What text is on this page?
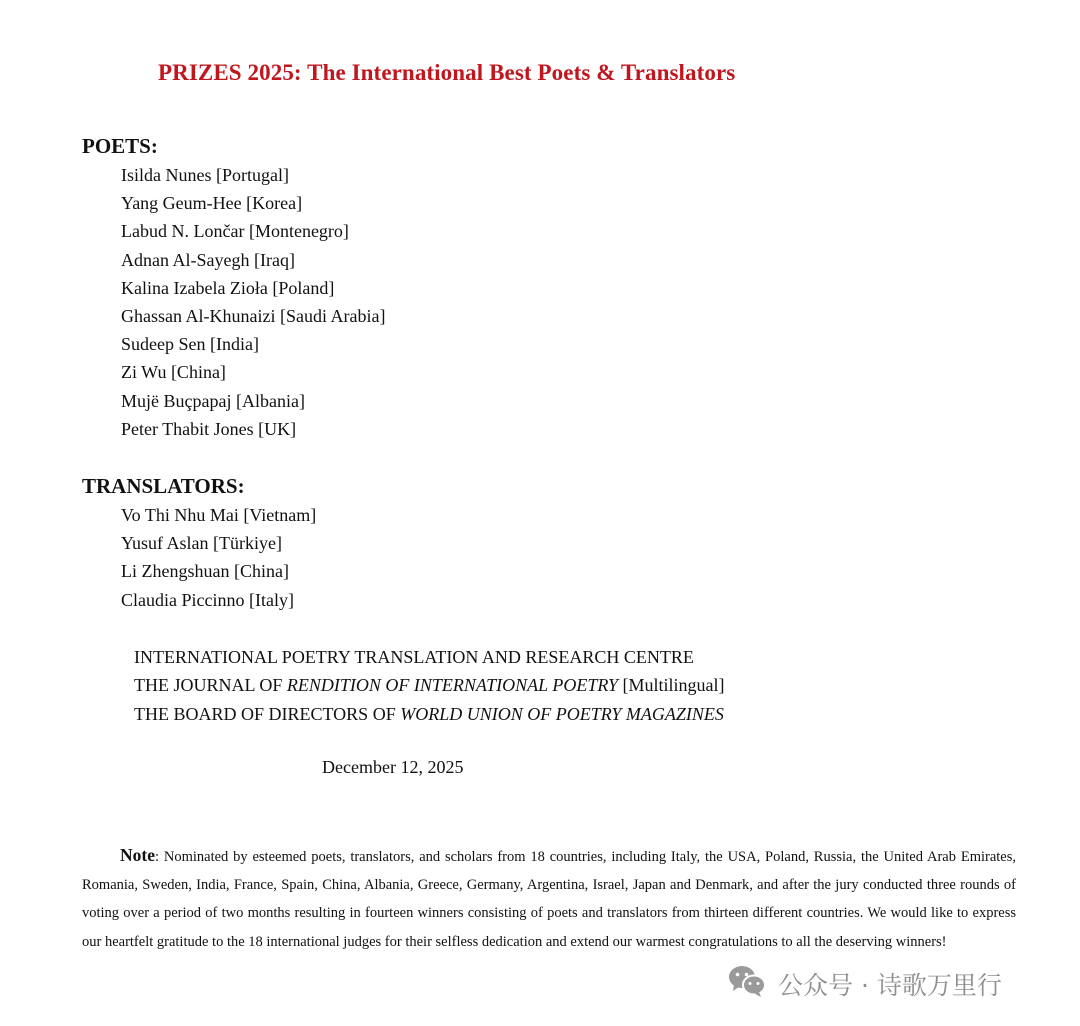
PRIZES 2025: The International Best Poets & Translators
POETS:
Isilda Nunes [Portugal]
Yang Geum-Hee [Korea]
Labud N. Lončar [Montenegro]
Adnan Al-Sayegh [Iraq]
Kalina Izabela Zioła [Poland]
Ghassan Al-Khunaizi [Saudi Arabia]
Sudeep Sen [India]
Zi Wu [China]
Mujë Buçpapaj [Albania]
Peter Thabit Jones [UK]
TRANSLATORS:
Vo Thi Nhu Mai [Vietnam]
Yusuf Aslan [Türkiye]
Li Zhengshuan [China]
Claudia Piccinno [Italy]
INTERNATIONAL POETRY TRANSLATION AND RESEARCH CENTRE
THE JOURNAL OF RENDITION OF INTERNATIONAL POETRY [Multilingual]
THE BOARD OF DIRECTORS OF WORLD UNION OF POETRY MAGAZINES
December 12, 2025
Note: Nominated by esteemed poets, translators, and scholars from 18 countries, including Italy, the USA, Poland, Russia, the United Arab Emirates, Romania, Sweden, India, France, Spain, China, Albania, Greece, Germany, Argentina, Israel, Japan and Denmark, and after the jury conducted three rounds of voting over a period of two months resulting in fourteen winners consisting of poets and translators from thirteen different countries. We would like to express our heartfelt gratitude to the 18 international judges for their selfless dedication and extend our warmest congratulations to all the deserving winners!
公众号 · 诗歌万里行
